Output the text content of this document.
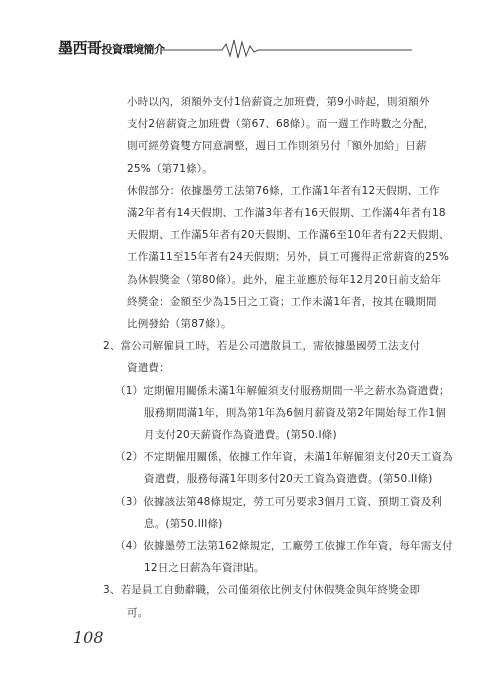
墨西哥投資環境簡介
小時以內，須額外支付1倍薪資之加班費，第9小時起，則須額外
支付2倍薪資之加班費（第67、68條）。而一週工作時數之分配，
則可經勞資雙方同意調整，週日工作則須另付「額外加給」日薪
25%（第71條）。
休假部分：依據墨勞工法第76條，工作滿1年者有12天假期、工作
滿2年者有14天假期、工作滿3年者有16天假期、工作滿4年者有18
天假期、工作滿5年者有20天假期、工作滿6至10年者有22天假期、
工作滿11至15年者有24天假期；另外，員工可獲得正常薪資的25%
為休假獎金（第80條）。此外，雇主並應於每年12月20日前支給年
終獎金：金額至少為15日之工資；工作未滿1年者，按其在職期間
比例發給（第87條）。
2、當公司解僱員工時，若是公司遣散員工，需依據墨國勞工法支付
資遣費：
（1）定期僱用關係未滿1年解僱須支付服務期間一半之薪水為資遣費；
服務期間滿1年，則為第1年為6個月薪資及第2年開始每工作1個
月支付20天薪資作為資遣費。(第50.I條)
（2）不定期僱用關係，依據工作年資，未滿1年解僱須支付20天工資為
資遣費，服務每滿1年則多付20天工資為資遣費。(第50.II條)
（3）依據該法第48條規定，勞工可另要求3個月工資、預期工資及利
息。(第50.III條)
（4）依據墨勞工法第162條規定，工廠勞工依據工作年資，每年需支付
12日之日薪為年資津貼。
3、若是員工自動辭職，公司僅須依比例支付休假獎金與年終獎金即
可。
108
